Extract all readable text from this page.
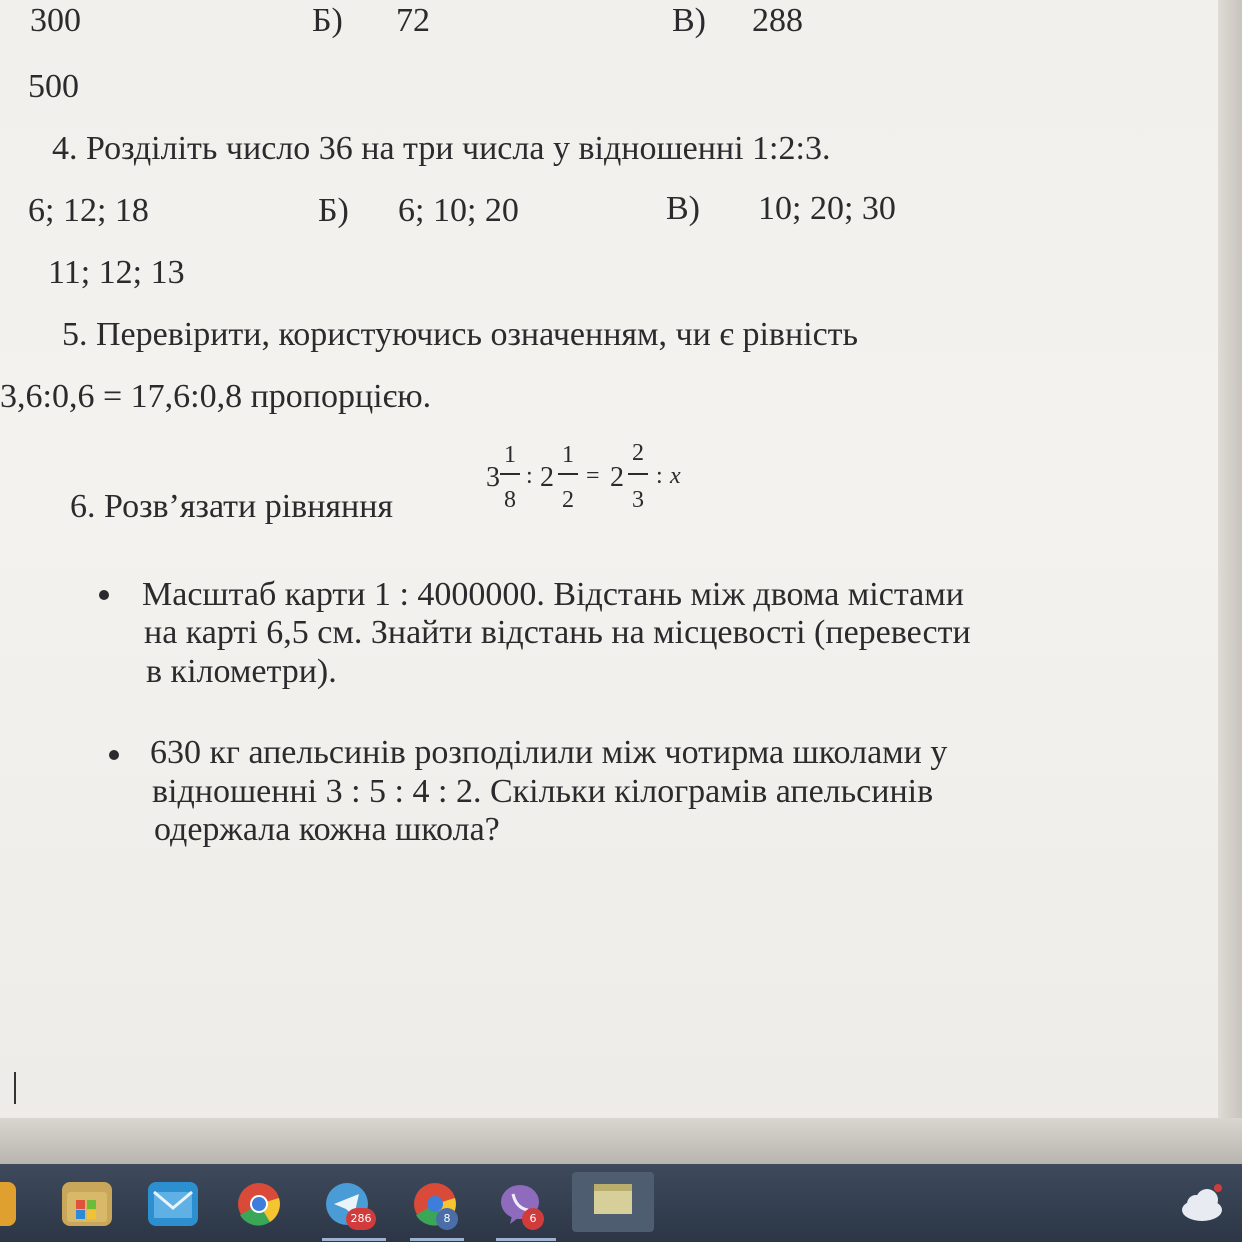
300	Б) 72	В) 288
500
4. Розділіть число 36 на три числа у відношенні 1:2:3.
6; 12; 18	Б) 6; 10; 20	В) 10; 20; 30
11; 12; 13
5. Перевірити, користуючись означенням, чи є рівність
3,6:0,6 = 17,6:0,8 пропорцією.
6. Розв’язати рівняння
3
1
8
: 2
1
2
= 2
2
3
: x
Масштаб карти 1 : 4000000. Відстань між двома містами
на карті 6,5 см. Знайти відстань на місцевості (перевести
в кілометри).
630 кг апельсинів розподілили між чотирма школами у
відношенні 3 : 5 : 4 : 2. Скільки кілограмів апельсинів
одержала кожна школа?
286	8	6
